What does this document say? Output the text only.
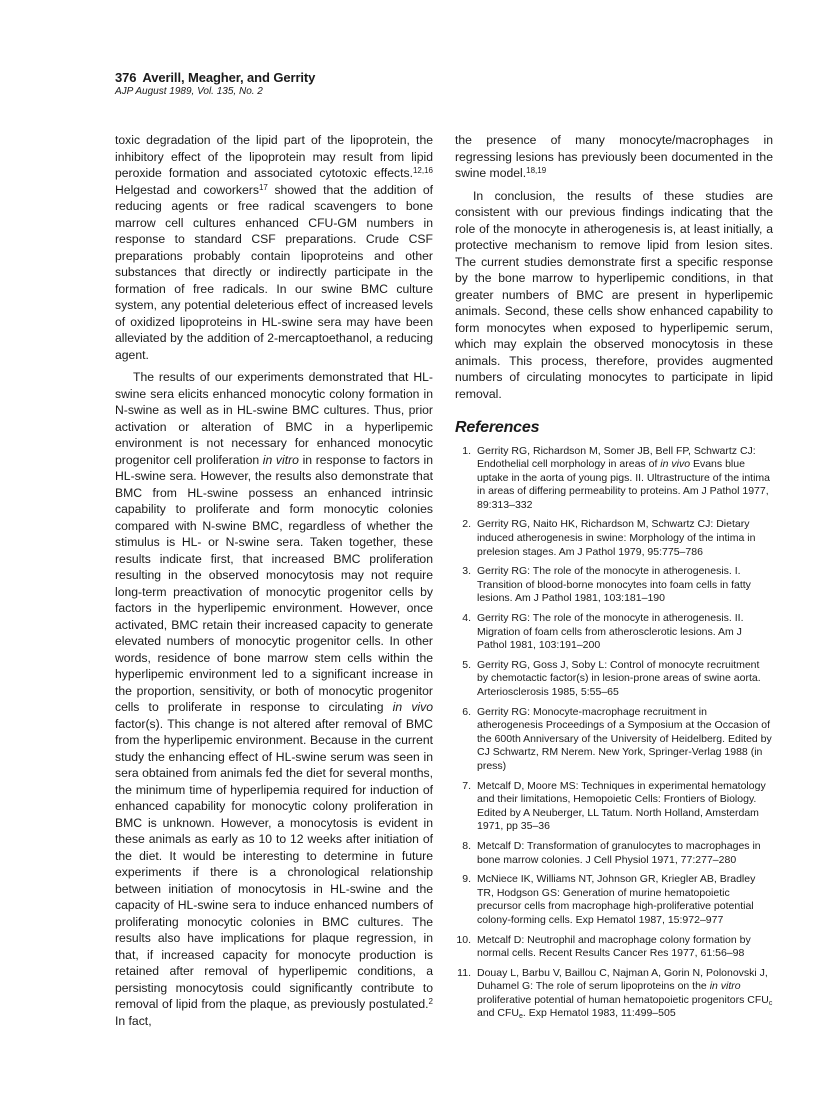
376 Averill, Meagher, and Gerrity
AJP August 1989, Vol. 135, No. 2

toxic degradation of the lipid part of the lipoprotein, the inhibitory effect of the lipoprotein may result from lipid peroxide formation and associated cytotoxic effects.$^{12,16}$ Helgestad and coworkers$^{17}$ showed that the addition of reducing agents or free radical scavengers to bone marrow cell cultures enhanced CFU-GM numbers in response to standard CSF preparations. Crude CSF preparations probably contain lipoproteins and other substances that directly or indirectly participate in the formation of free radicals. In our swine BMC culture system, any potential deleterious effect of increased levels of oxidized lipoproteins in HL-swine sera may have been alleviated by the addition of 2-mercaptoethanol, a reducing agent.

The results of our experiments demonstrated that HL-swine sera elicits enhanced monocytic colony formation in N-swine as well as in HL-swine BMC cultures. Thus, prior activation or alteration of BMC in a hyperlipemic environment is not necessary for enhanced monocytic progenitor cell proliferation in vitro in response to factors in HL-swine sera. However, the results also demonstrate that BMC from HL-swine possess an enhanced intrinsic capability to proliferate and form monocytic colonies compared with N-swine BMC, regardless of whether the stimulus is HL- or N-swine sera. Taken together, these results indicate first, that increased BMC proliferation resulting in the observed monocytosis may not require long-term preactivation of monocytic progenitor cells by factors in the hyperlipemic environment. However, once activated, BMC retain their increased capacity to generate elevated numbers of monocytic progenitor cells. In other words, residence of bone marrow stem cells within the hyperlipemic environment led to a significant increase in the proportion, sensitivity, or both of monocytic progenitor cells to proliferate in response to circulating in vivo factor(s). This change is not altered after removal of BMC from the hyperlipemic environment. Because in the current study the enhancing effect of HL-swine serum was seen in sera obtained from animals fed the diet for several months, the minimum time of hyperlipemia required for induction of enhanced capability for monocytic colony proliferation in BMC is unknown. However, a monocytosis is evident in these animals as early as 10 to 12 weeks after initiation of the diet. It would be interesting to determine in future experiments if there is a chronological relationship between initiation of monocytosis in HL-swine and the capacity of HL-swine sera to induce enhanced numbers of proliferating monocytic colonies in BMC cultures. The results also have implications for plaque regression, in that, if increased capacity for monocyte production is retained after removal of hyperlipemic conditions, a persisting monocytosis could significantly contribute to removal of lipid from the plaque, as previously postulated.$^2$ In fact,

the presence of many monocyte/macrophages in regressing lesions has previously been documented in the swine model.$^{18,19}$

In conclusion, the results of these studies are consistent with our previous findings indicating that the role of the monocyte in atherogenesis is, at least initially, a protective mechanism to remove lipid from lesion sites. The current studies demonstrate first a specific response by the bone marrow to hyperlipemic conditions, in that greater numbers of BMC are present in hyperlipemic animals. Second, these cells show enhanced capability to form monocytes when exposed to hyperlipemic serum, which may explain the observed monocytosis in these animals. This process, therefore, provides augmented numbers of circulating monocytes to participate in lipid removal.

References
1. Gerrity RG, Richardson M, Somer JB, Bell FP, Schwartz CJ: Endothelial cell morphology in areas of in vivo Evans blue uptake in the aorta of young pigs. II. Ultrastructure of the intima in areas of differing permeability to proteins. Am J Pathol 1977, 89:313–332
2. Gerrity RG, Naito HK, Richardson M, Schwartz CJ: Dietary induced atherogenesis in swine: Morphology of the intima in prelesion stages. Am J Pathol 1979, 95:775–786
3. Gerrity RG: The role of the monocyte in atherogenesis. I. Transition of blood-borne monocytes into foam cells in fatty lesions. Am J Pathol 1981, 103:181–190
4. Gerrity RG: The role of the monocyte in atherogenesis. II. Migration of foam cells from atherosclerotic lesions. Am J Pathol 1981, 103:191–200
5. Gerrity RG, Goss J, Soby L: Control of monocyte recruitment by chemotactic factor(s) in lesion-prone areas of swine aorta. Arteriosclerosis 1985, 5:55–65
6. Gerrity RG: Monocyte-macrophage recruitment in atherogenesis Proceedings of a Symposium at the Occasion of the 600th Anniversary of the University of Heidelberg. Edited by CJ Schwartz, RM Nerem. New York, Springer-Verlag 1988 (in press)
7. Metcalf D, Moore MS: Techniques in experimental hematology and their limitations, Hemopoietic Cells: Frontiers of Biology. Edited by A Neuberger, LL Tatum. North Holland, Amsterdam 1971, pp 35–36
8. Metcalf D: Transformation of granulocytes to macrophages in bone marrow colonies. J Cell Physiol 1971, 77:277–280
9. McNiece IK, Williams NT, Johnson GR, Kriegler AB, Bradley TR, Hodgson GS: Generation of murine hematopoietic precursor cells from macrophage high-proliferative potential colony-forming cells. Exp Hematol 1987, 15:972–977
10. Metcalf D: Neutrophil and macrophage colony formation by normal cells. Recent Results Cancer Res 1977, 61:56–98
11. Douay L, Barbu V, Baillou C, Najman A, Gorin N, Polonovski J, Duhamel G: The role of serum lipoproteins on the in vitro proliferative potential of human hematopoietic progenitors $CFU_c$ and $CFU_e$. Exp Hematol 1983, 11:499–505
